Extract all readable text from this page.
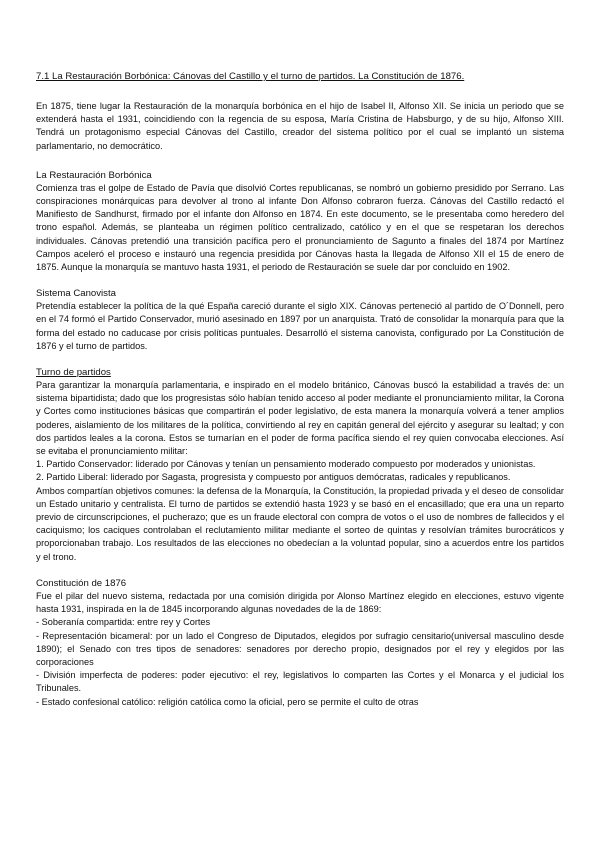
7.1 La Restauración Borbónica: Cánovas del Castillo y el turno de partidos. La Constitución de 1876.

En 1875, tiene lugar la Restauración de la monarquía borbónica en el hijo de Isabel II, Alfonso XII. Se inicia un periodo que se extenderá hasta el 1931, coincidiendo con la regencia de su esposa, María Cristina de Habsburgo, y de su hijo, Alfonso XIII. Tendrá un protagonismo especial Cánovas del Castillo, creador del sistema político por el cual se implantó un sistema parlamentario, no democrático.

La Restauración Borbónica

Comienza tras el golpe de Estado de Pavía que disolvió Cortes republicanas, se nombró un gobierno presidido por Serrano. Las conspiraciones monárquicas para devolver al trono al infante Don Alfonso cobraron fuerza. Cánovas del Castillo redactó el Manifiesto de Sandhurst, firmado por el infante don Alfonso en 1874. En este documento, se le presentaba como heredero del trono español. Además, se planteaba un régimen político centralizado, católico y en el que se respetaran los derechos individuales. Cánovas pretendió una transición pacífica pero el pronunciamiento de Sagunto a finales del 1874 por Martínez Campos aceleró el proceso e instauró una regencia presidida por Cánovas hasta la llegada de Alfonso XII el 15 de enero de 1875. Aunque la monarquía se mantuvo hasta 1931, el periodo de Restauración se suele dar por concluido en 1902.

Sistema Canovista

Pretendía establecer la política de la qué España careció durante el siglo XIX. Cánovas perteneció al partido de O´Donnell, pero en el 74 formó el Partido Conservador, murió asesinado en 1897 por un anarquista. Trató de consolidar la monarquía para que la forma del estado no caducase por crisis políticas puntuales. Desarrolló el sistema canovista, configurado por La Constitución de 1876 y el turno de partidos.

Turno de partidos

Para garantizar la monarquía parlamentaria, e inspirado en el modelo británico, Cánovas buscó la estabilidad a través de: un sistema bipartidista; dado que los progresistas sólo habían tenido acceso al poder mediante el pronunciamiento militar, la Corona y Cortes como instituciones básicas que compartirán el poder legislativo, de esta manera la monarquía volverá a tener amplios poderes, aislamiento de los militares de la política, convirtiendo al rey en capitán general del ejército y asegurar su lealtad; y con dos partidos leales a la corona. Estos se turnarían en el poder de forma pacífica siendo el rey quien convocaba elecciones. Así se evitaba el pronunciamiento militar:

1. Partido Conservador: liderado por Cánovas y tenían un pensamiento moderado compuesto por moderados y unionistas.

2. Partido Liberal: liderado por Sagasta, progresista y compuesto por antiguos demócratas, radicales y republicanos.

Ambos compartían objetivos comunes: la defensa de la Monarquía, la Constitución, la propiedad privada y el deseo de consolidar un Estado unitario y centralista. El turno de partidos se extendió hasta 1923 y se basó en el encasillado; que era una un reparto previo de circunscripciones, el pucherazo; que es un fraude electoral con compra de votos o el uso de nombres de fallecidos y el caciquismo; los caciques controlaban el reclutamiento militar mediante el sorteo de quintas y resolvían trámites burocráticos y proporcionaban trabajo. Los resultados de las elecciones no obedecían a la voluntad popular, sino a acuerdos entre los partidos y el trono.

Constitución de 1876

Fue el pilar del nuevo sistema, redactada por una comisión dirigida por Alonso Martínez elegido en elecciones, estuvo vigente hasta 1931, inspirada en la de 1845 incorporando algunas novedades de la de 1869:

- Soberanía compartida: entre rey y Cortes

- Representación bicameral: por un lado el Congreso de Diputados, elegidos por sufragio censitario(universal masculino desde 1890); el Senado con tres tipos de senadores: senadores por derecho propio, designados por el rey y elegidos por las corporaciones

- División imperfecta de poderes: poder ejecutivo: el rey, legislativos lo comparten las Cortes y el Monarca y el judicial los Tribunales.

- Estado confesional católico: religión católica como la oficial, pero se permite el culto de otras
